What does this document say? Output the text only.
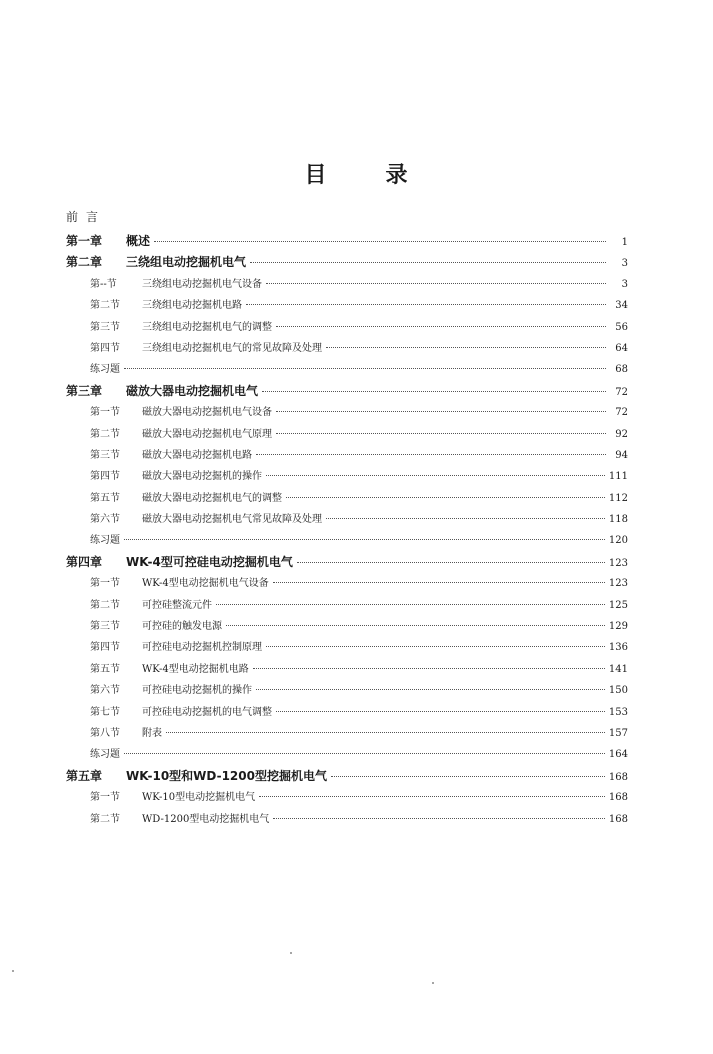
目	录
前言
第一章	概述	1
第二章	三绕组电动挖掘机电气	3
第--节	三绕组电动挖掘机电气设备	3
第二节	三绕组电动挖掘机电路	34
第三节	三绕组电动挖掘机电气的调整	56
第四节	三绕组电动挖掘机电气的常见故障及处理	64
练习题	68
第三章	磁放大器电动挖掘机电气	72
第一节	磁放大器电动挖掘机电气设备	72
第二节	磁放大器电动挖掘机电气原理	92
第三节	磁放大器电动挖掘机电路	94
第四节	磁放大器电动挖掘机的操作	111
第五节	磁放大器电动挖掘机电气的调整	112
第六节	磁放大器电动挖掘机电气常见故障及处理	118
练习题	120
第四章	WK-4型可控硅电动挖掘机电气	123
第一节	WK-4型电动挖掘机电气设备	123
第二节	可控硅整流元件	125
第三节	可控硅的触发电源	129
第四节	可控硅电动挖掘机控制原理	136
第五节	WK-4型电动挖掘机电路	141
第六节	可控硅电动挖掘机的操作	150
第七节	可控硅电动挖掘机的电气调整	153
第八节	附表	157
练习题	164
第五章	WK-10型和WD-1200型挖掘机电气	168
第一节	WK-10型电动挖掘机电气	168
第二节	WD-1200型电动挖掘机电气	168
